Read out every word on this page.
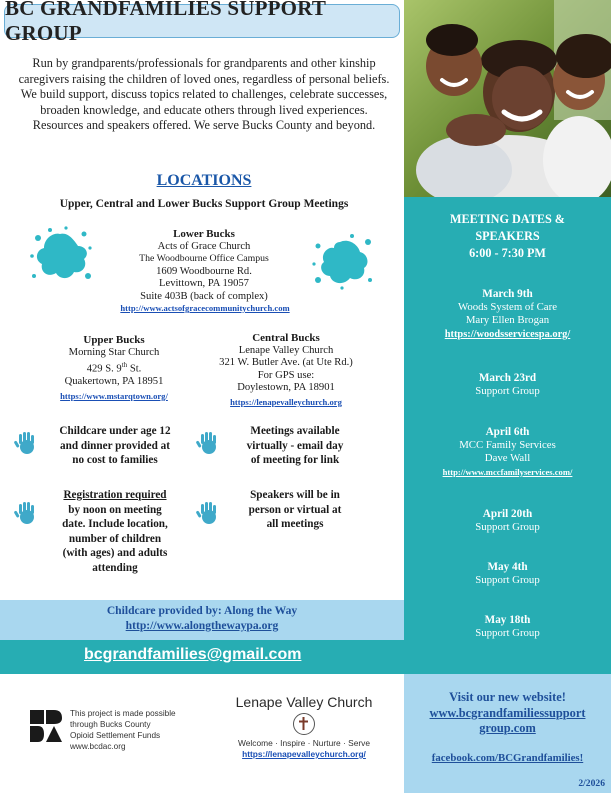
BC GRANDFAMILIES SUPPORT GROUP
Run by grandparents/professionals for grandparents and other kinship caregivers raising the children of loved ones, regardless of personal beliefs. We build support, discuss topics related to challenges, celebrate successes, broaden knowledge, and educate others through lived experiences. Resources and speakers offered. We serve Bucks County and beyond.
LOCATIONS
Upper, Central and Lower Bucks Support Group Meetings
Lower Bucks
Acts of Grace Church
The Woodbourne Office Campus
1609 Woodbourne Rd.
Levittown, PA 19057
Suite 403B (back of complex)
http://www.actsofgracecommunitychurch.com
Upper Bucks
Morning Star Church
429 S. 9th St.
Quakertown, PA 18951
https://www.mstarqtown.org/
Central Bucks
Lenape Valley Church
321 W. Butler Ave. (at Ute Rd.)
For GPS use:
Doylestown, PA 18901
https://lenapevalleychurch.org
Childcare under age 12
and dinner provided at
no cost to families
Meetings available
virtually - email day
of meeting for link
Registration required
by noon on meeting
date. Include location,
number of children
(with ages) and adults
attending
Speakers will be in
person or virtual at
all meetings
Childcare provided by: Along the Way
http://www.alongthewaypa.org
MEETING DATES &
SPEAKERS
6:00 - 7:30 PM
March 9th
Woods System of Care
Mary Ellen Brogan
https://woodsservicespa.org/
March 23rd
Support Group
April 6th
MCC Family Services
Dave Wall
http://www.mccfamilyservices.com/
April 20th
Support Group
May 4th
Support Group
May 18th
Support Group
bcgrandfamilies@gmail.com
This project is made possible
through Bucks County
Opioid Settlement Funds
www.bcdac.org
Lenape Valley Church
Welcome · Inspire · Nurture · Serve
https://lenapevalleychurch.org/
Visit our new website!
www.bcgrandfamiliessupport
group.com
facebook.com/BCGrandfamilies!
2/2026
